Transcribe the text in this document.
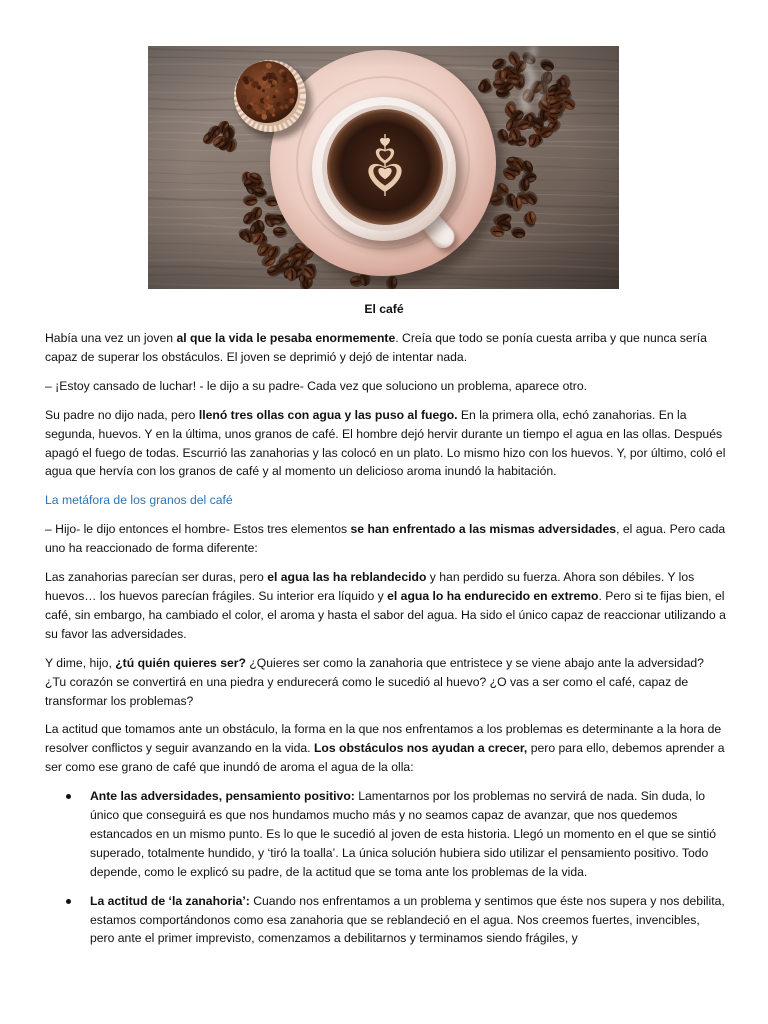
El café

Había una vez un joven al que la vida le pesaba enormemente. Creía que todo se ponía cuesta arriba y que nunca sería capaz de superar los obstáculos. El joven se deprimió y dejó de intentar nada.

– ¡Estoy cansado de luchar! - le dijo a su padre- Cada vez que soluciono un problema, aparece otro.

Su padre no dijo nada, pero llenó tres ollas con agua y las puso al fuego. En la primera olla, echó zanahorias. En la segunda, huevos. Y en la última, unos granos de café. El hombre dejó hervir durante un tiempo el agua en las ollas. Después apagó el fuego de todas. Escurrió las zanahorias y las colocó en un plato. Lo mismo hizo con los huevos. Y, por último, coló el agua que hervía con los granos de café y al momento un delicioso aroma inundó la habitación.

La metáfora de los granos del café

– Hijo- le dijo entonces el hombre- Estos tres elementos se han enfrentado a las mismas adversidades, el agua. Pero cada uno ha reaccionado de forma diferente:

Las zanahorias parecían ser duras, pero el agua las ha reblandecido y han perdido su fuerza. Ahora son débiles. Y los huevos… los huevos parecían frágiles. Su interior era líquido y el agua lo ha endurecido en extremo. Pero si te fijas bien, el café, sin embargo, ha cambiado el color, el aroma y hasta el sabor del agua. Ha sido el único capaz de reaccionar utilizando a su favor las adversidades.

Y dime, hijo, ¿tú quién quieres ser? ¿Quieres ser como la zanahoria que entristece y se viene abajo ante la adversidad? ¿Tu corazón se convertirá en una piedra y endurecerá como le sucedió al huevo? ¿O vas a ser como el café, capaz de transformar los problemas?

La actitud que tomamos ante un obstáculo, la forma en la que nos enfrentamos a los problemas es determinante a la hora de resolver conflictos y seguir avanzando en la vida. Los obstáculos nos ayudan a crecer, pero para ello, debemos aprender a ser como ese grano de café que inundó de aroma el agua de la olla:

Ante las adversidades, pensamiento positivo: Lamentarnos por los problemas no servirá de nada. Sin duda, lo único que conseguirá es que nos hundamos mucho más y no seamos capaz de avanzar, que nos quedemos estancados en un mismo punto. Es lo que le sucedió al joven de esta historia. Llegó un momento en el que se sintió superado, totalmente hundido, y ‘tiró la toalla’. La única solución hubiera sido utilizar el pensamiento positivo. Todo depende, como le explicó su padre, de la actitud que se toma ante los problemas de la vida.
La actitud de ‘la zanahoria’: Cuando nos enfrentamos a un problema y sentimos que éste nos supera y nos debilita, estamos comportándonos como esa zanahoria que se reblandeció en el agua. Nos creemos fuertes, invencibles, pero ante el primer imprevisto, comenzamos a debilitarnos y terminamos siendo frágiles, y
